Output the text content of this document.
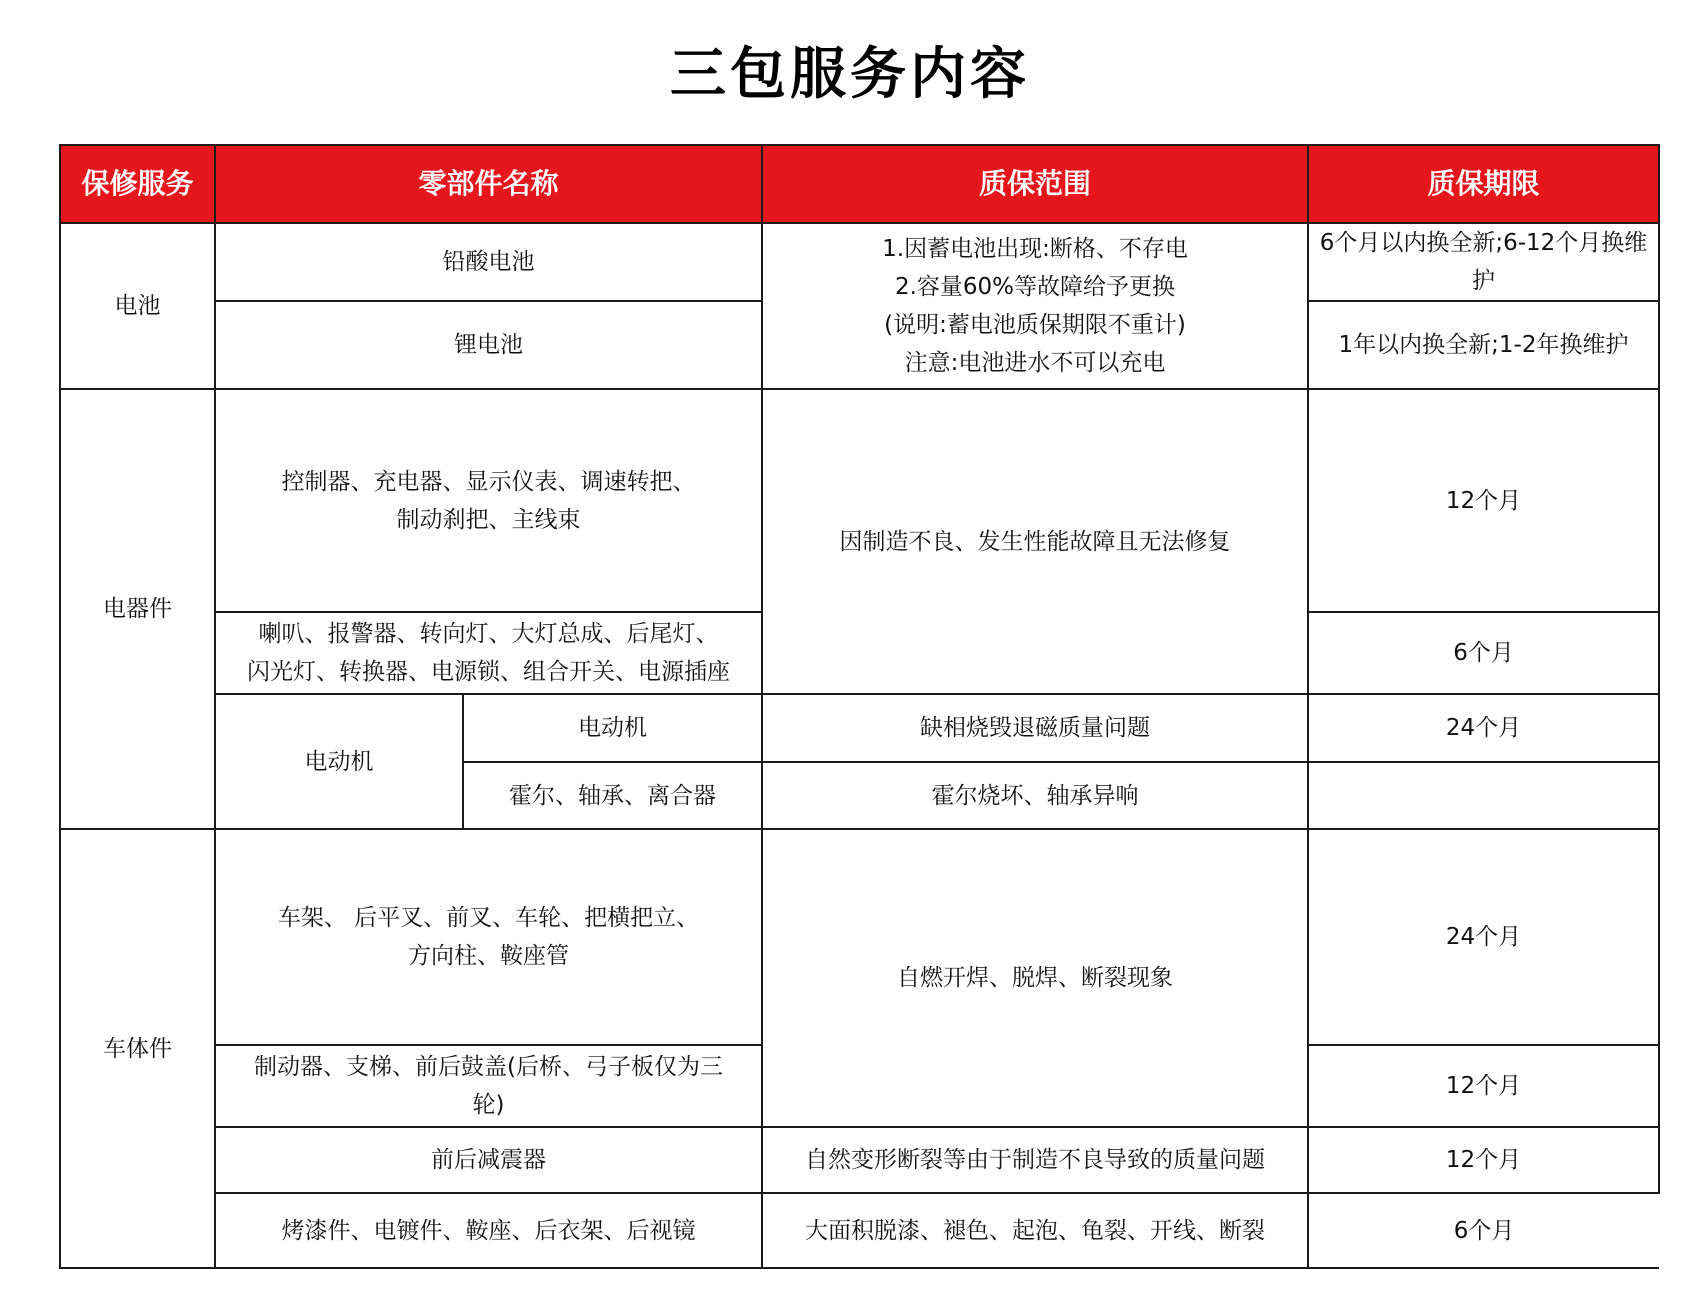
三包服务内容
保修服务	零部件名称		质保范围	质保期限
电池	铅酸电池		1.因蓄电池出现:断格、不存电
2.容量60%等故障给予更换
(说明:蓄电池质保期限不重计)
注意:电池进水不可以充电	6个月以内换全新;6-12个月换维护
	锂电池			1年以内换全新;1-2年换维护
电器件	控制器、充电器、显示仪表、调速转把、
制动刹把、主线束		因制造不良、发生性能故障且无法修复	12个月
	喇叭、报警器、转向灯、大灯总成、后尾灯、
闪光灯、转换器、电源锁、组合开关、电源插座			6个月
	电动机	电动机	缺相烧毁退磁质量问题	24个月
		霍尔、轴承、离合器	霍尔烧坏、轴承异响	
车体件	车架、 后平叉、前叉、车轮、把横把立、
方向柱、鞍座管		自燃开焊、脱焊、断裂现象	24个月
	制动器、支梯、前后鼓盖(后桥、弓子板仅为三
轮)			12个月
	前后减震器		自然变形断裂等由于制造不良导致的质量问题	12个月
	烤漆件、电镀件、鞍座、后衣架、后视镜		大面积脱漆、褪色、起泡、龟裂、开线、断裂	6个月
